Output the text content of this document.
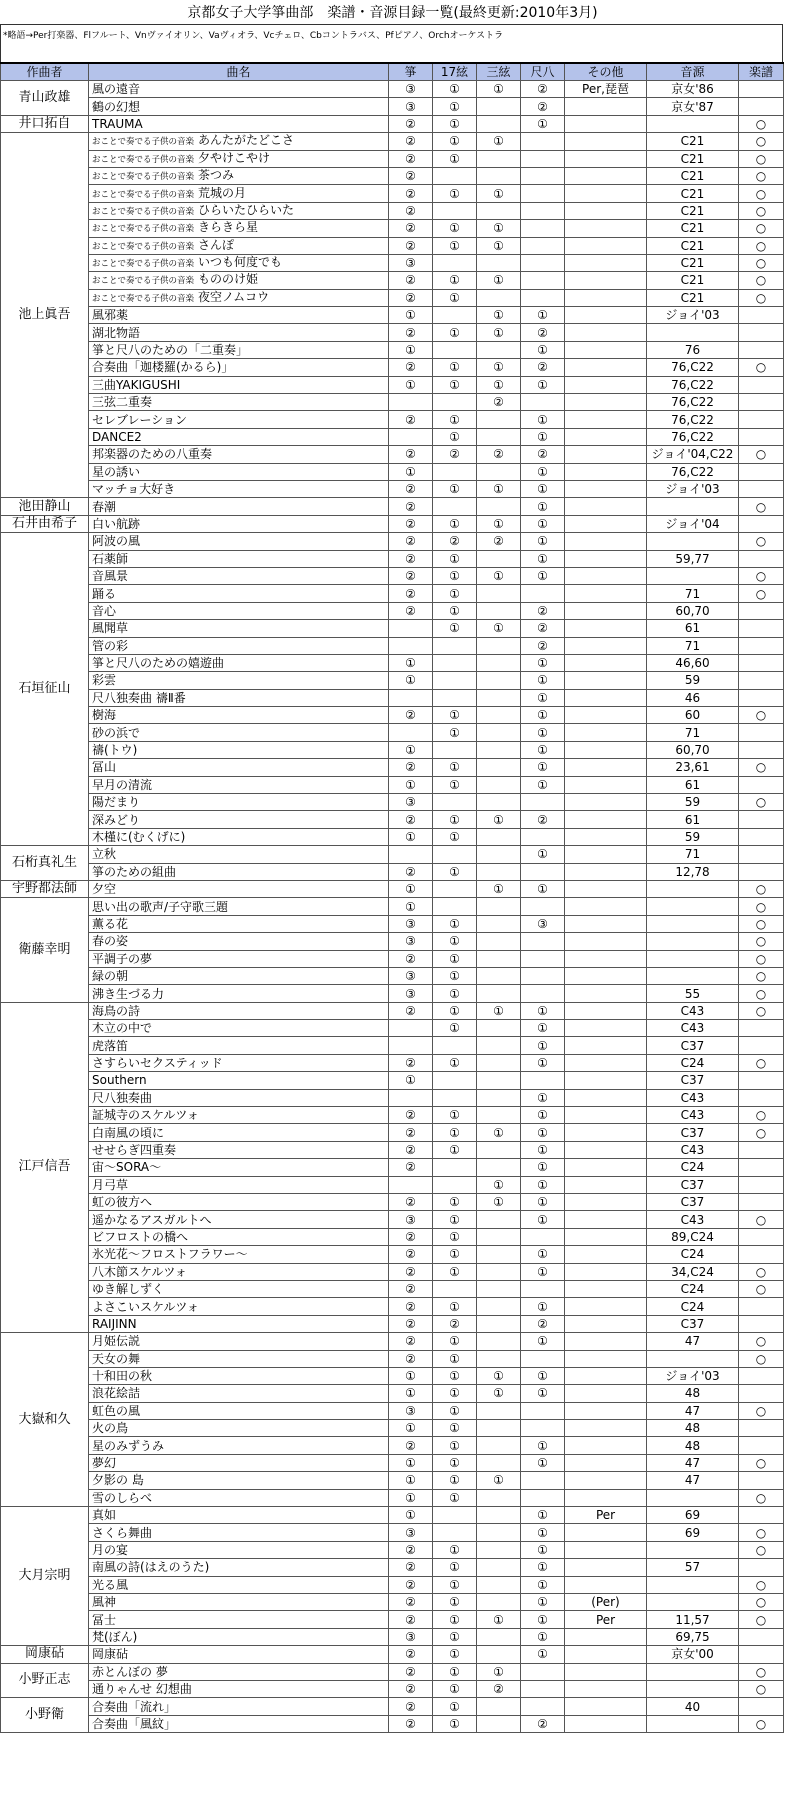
京都女子大学箏曲部　楽譜・音源目録一覧(最終更新:2010年3月)
*略語→Per打楽器、Flフルート、Vnヴァイオリン、Vaヴィオラ、Vcチェロ、Cbコントラバス、Pfピアノ、Orchオーケストラ
作曲者	曲名	箏	17絃	三絃	尺八	その他	音源	楽譜
青山政雄	風の遠音	③	①	①	②	Per,琵琶	京女'86	
	鶴の幻想	③	①		②		京女'87	
井口拓自	TRAUMA	②	①		①			○
池上眞吾	おことで奏でる子供の音楽 あんたがたどこさ	②	①	①			C21	○
	おことで奏でる子供の音楽 夕やけこやけ	②	①				C21	○
	おことで奏でる子供の音楽 茶つみ	②					C21	○
	おことで奏でる子供の音楽 荒城の月	②	①	①			C21	○
	おことで奏でる子供の音楽 ひらいたひらいた	②					C21	○
	おことで奏でる子供の音楽 きらきら星	②	①	①			C21	○
	おことで奏でる子供の音楽 さんぽ	②	①	①			C21	○
	おことで奏でる子供の音楽 いつも何度でも	③					C21	○
	おことで奏でる子供の音楽 もののけ姫	②	①	①			C21	○
	おことで奏でる子供の音楽 夜空ノムコウ	②	①				C21	○
	風邪薬	①		①	①		ジョイ'03	
	湖北物語	②	①	①	②			
	箏と尺八のための「二重奏」	①			①		76	
	合奏曲「迦楼羅(かるら)」	②	①	①	②		76,C22	○
	三曲YAKIGUSHI	①	①	①	①		76,C22	
	三弦二重奏			②			76,C22	
	セレブレーション	②	①		①		76,C22	
	DANCE2		①		①		76,C22	
	邦楽器のための八重奏	②	②	②	②		ジョイ'04,C22	○
	星の誘い	①			①		76,C22	
	マッチョ大好き	②	①	①	①		ジョイ'03	
池田静山	春潮	②			①			○
石井由希子	白い航跡	②	①	①	①		ジョイ'04	
石垣征山	阿波の風	②	②	②	①			○
	石薬師	②	①		①		59,77	
	音風景	②	①	①	①			○
	踊る	②	①				71	○
	音心	②	①		②		60,70	
	風聞草		①	①	②		61	
	管の彩				②		71	
	箏と尺八のための嬉遊曲	①			①		46,60	
	彩雲	①			①		59	
	尺八独奏曲 禱Ⅱ番				①		46	
	樹海	②	①		①		60	○
	砂の浜で		①		①		71	
	禱(トウ)	①			①		60,70	
	冨山	②	①		①		23,61	○
	早月の清流	①	①		①		61	
	陽だまり	③					59	○
	深みどり	②	①	①	②		61	
	木槿に(むくげに)	①	①				59	
石桁真礼生	立秋				①		71	
	箏のための組曲	②	①				12,78	
宇野都法師	夕空	①		①	①			○
衛藤幸明	思い出の歌声/子守歌三題	①						○
	薫る花	③	①		③			○
	春の姿	③	①					○
	平調子の夢	②	①					○
	緑の朝	③	①					○
	沸き生づる力	③	①				55	○
江戸信吾	海鳥の詩	②	①	①	①		C43	○
	木立の中で		①		①		C43	
	虎落笛				①		C37	
	さすらいセクスティッド	②	①		①		C24	○
	Southern	①					C37	
	尺八独奏曲				①		C43	
	証城寺のスケルツォ	②	①		①		C43	○
	白南風の頃に	②	①	①	①		C37	○
	せせらぎ四重奏	②	①		①		C43	
	宙～SORA～	②			①		C24	
	月弓草			①	①		C37	
	虹の彼方へ	②	①	①	①		C37	
	遥かなるアスガルトへ	③	①		①		C43	○
	ビフロストの橋へ	②	①				89,C24	
	氷光花～フロストフラワー～	②	①		①		C24	
	八木節スケルツォ	②	①		①		34,C24	○
	ゆき解しずく	②					C24	○
	よさこいスケルツォ	②	①		①		C24	
	RAIJINN	②	②		②		C37	
大嶽和久	月姫伝説	②	①		①		47	○
	天女の舞	②	①					○
	十和田の秋	①	①	①	①		ジョイ'03	
	浪花絵詰	①	①	①	①		48	
	虹色の風	③	①				47	○
	火の鳥	①	①				48	
	星のみずうみ	②	①		①		48	
	夢幻	①	①		①		47	○
	夕影の 島	①	①	①			47	
	雪のしらべ	①	①					○
大月宗明	真如	①			①	Per	69	
	さくら舞曲	③			①		69	○
	月の宴	②	①		①			○
	南風の詩(はえのうた)	②	①		①		57	
	光る風	②	①		①			○
	風神	②	①		①	(Per)		○
	冨士	②	①	①	①	Per	11,57	○
	梵(ぼん)	③	①		①		69,75	
岡康砧	岡康砧	②	①		①		京女'00	
小野正志	赤とんぼの 夢	②	①	①				○
	通りゃんせ 幻想曲	②	①	②				○
小野衛	合奏曲「流れ」	②	①				40	
	合奏曲「風紋」	②	①		②			○
